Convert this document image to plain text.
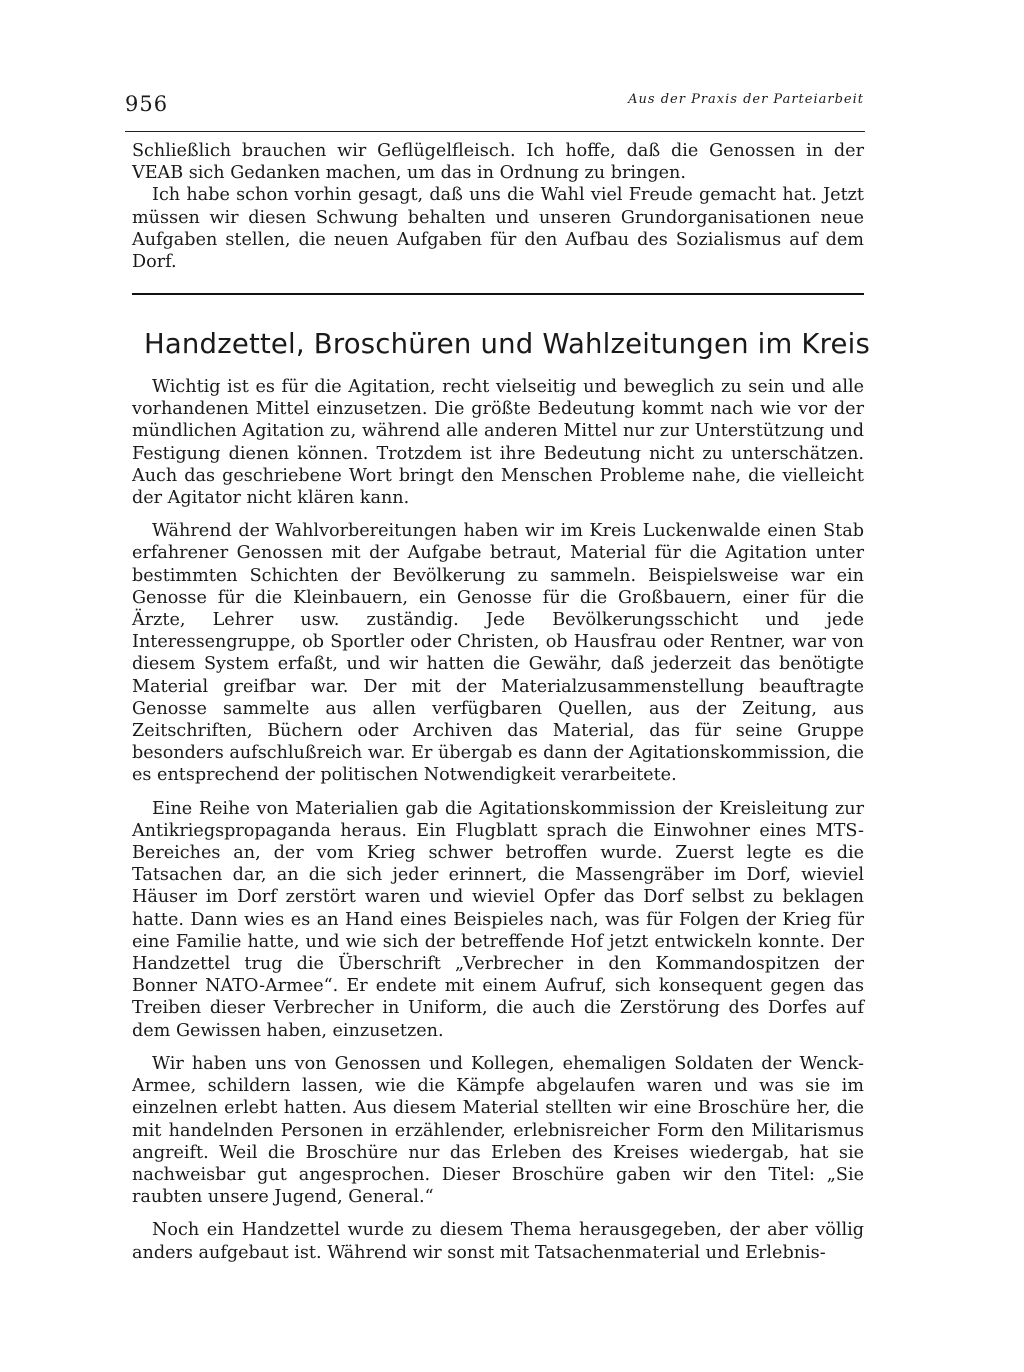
956	Aus der Praxis der Parteiarbeit

Schließlich brauchen wir Geflügelfleisch. Ich hoffe, daß die Genossen in der VEAB sich Gedanken machen, um das in Ordnung zu bringen.

Ich habe schon vorhin gesagt, daß uns die Wahl viel Freude gemacht hat. Jetzt müssen wir diesen Schwung behalten und unseren Grundorganisationen neue Aufgaben stellen, die neuen Aufgaben für den Aufbau des Sozialismus auf dem Dorf.

Handzettel, Broschüren und Wahlzeitungen im Kreis

Wichtig ist es für die Agitation, recht vielseitig und beweglich zu sein und alle vorhandenen Mittel einzusetzen. Die größte Bedeutung kommt nach wie vor der mündlichen Agitation zu, während alle anderen Mittel nur zur Unterstützung und Festigung dienen können. Trotzdem ist ihre Bedeutung nicht zu unterschätzen. Auch das geschriebene Wort bringt den Menschen Probleme nahe, die vielleicht der Agitator nicht klären kann.

Während der Wahlvorbereitungen haben wir im Kreis Luckenwalde einen Stab erfahrener Genossen mit der Aufgabe betraut, Material für die Agitation unter bestimmten Schichten der Bevölkerung zu sammeln. Beispielsweise war ein Genosse für die Kleinbauern, ein Genosse für die Großbauern, einer für die Ärzte, Lehrer usw. zuständig. Jede Bevölkerungsschicht und jede Interessengruppe, ob Sportler oder Christen, ob Hausfrau oder Rentner, war von diesem System erfaßt, und wir hatten die Gewähr, daß jederzeit das benötigte Material greifbar war. Der mit der Materialzusammenstellung beauftragte Genosse sammelte aus allen verfügbaren Quellen, aus der Zeitung, aus Zeitschriften, Büchern oder Archiven das Material, das für seine Gruppe besonders aufschlußreich war. Er übergab es dann der Agitationskommission, die es entsprechend der politischen Notwendigkeit verarbeitete.

Eine Reihe von Materialien gab die Agitationskommission der Kreisleitung zur Antikriegspropaganda heraus. Ein Flugblatt sprach die Einwohner eines MTS-Bereiches an, der vom Krieg schwer betroffen wurde. Zuerst legte es die Tatsachen dar, an die sich jeder erinnert, die Massengräber im Dorf, wieviel Häuser im Dorf zerstört waren und wieviel Opfer das Dorf selbst zu beklagen hatte. Dann wies es an Hand eines Beispieles nach, was für Folgen der Krieg für eine Familie hatte, und wie sich der betreffende Hof jetzt entwickeln konnte. Der Handzettel trug die Überschrift „Verbrecher in den Kommandospitzen der Bonner NATO-Armee“. Er endete mit einem Aufruf, sich konsequent gegen das Treiben dieser Verbrecher in Uniform, die auch die Zerstörung des Dorfes auf dem Gewissen haben, einzusetzen.

Wir haben uns von Genossen und Kollegen, ehemaligen Soldaten der Wenck-Armee, schildern lassen, wie die Kämpfe abgelaufen waren und was sie im einzelnen erlebt hatten. Aus diesem Material stellten wir eine Broschüre her, die mit handelnden Personen in erzählender, erlebnisreicher Form den Militarismus angreift. Weil die Broschüre nur das Erleben des Kreises wiedergab, hat sie nachweisbar gut angesprochen. Dieser Broschüre gaben wir den Titel: „Sie raubten unsere Jugend, General.“

Noch ein Handzettel wurde zu diesem Thema herausgegeben, der aber völlig anders aufgebaut ist. Während wir sonst mit Tatsachenmaterial und Erlebnis-
